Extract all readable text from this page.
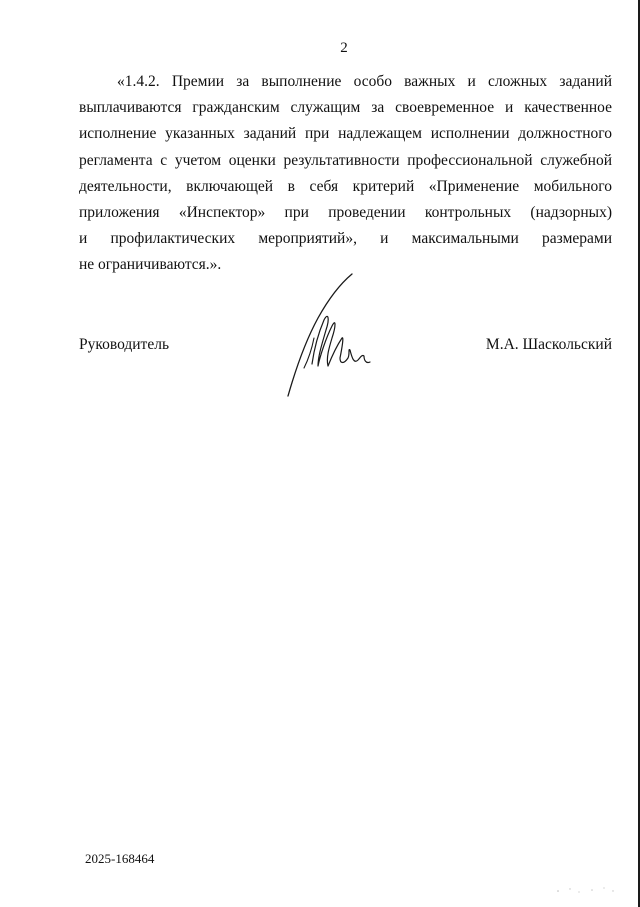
2
«1.4.2. Премии за выполнение особо важных и сложных заданий
выплачиваются гражданским служащим за своевременное и качественное
исполнение указанных заданий при надлежащем исполнении должностного
регламента с учетом оценки результативности профессиональной служебной
деятельности, включающей в себя критерий «Применение мобильного
приложения «Инспектор» при проведении контрольных (надзорных)
и профилактических мероприятий», и максимальными размерами
не ограничиваются.».
Руководитель	М.А. Шаскольский
2025-168464
